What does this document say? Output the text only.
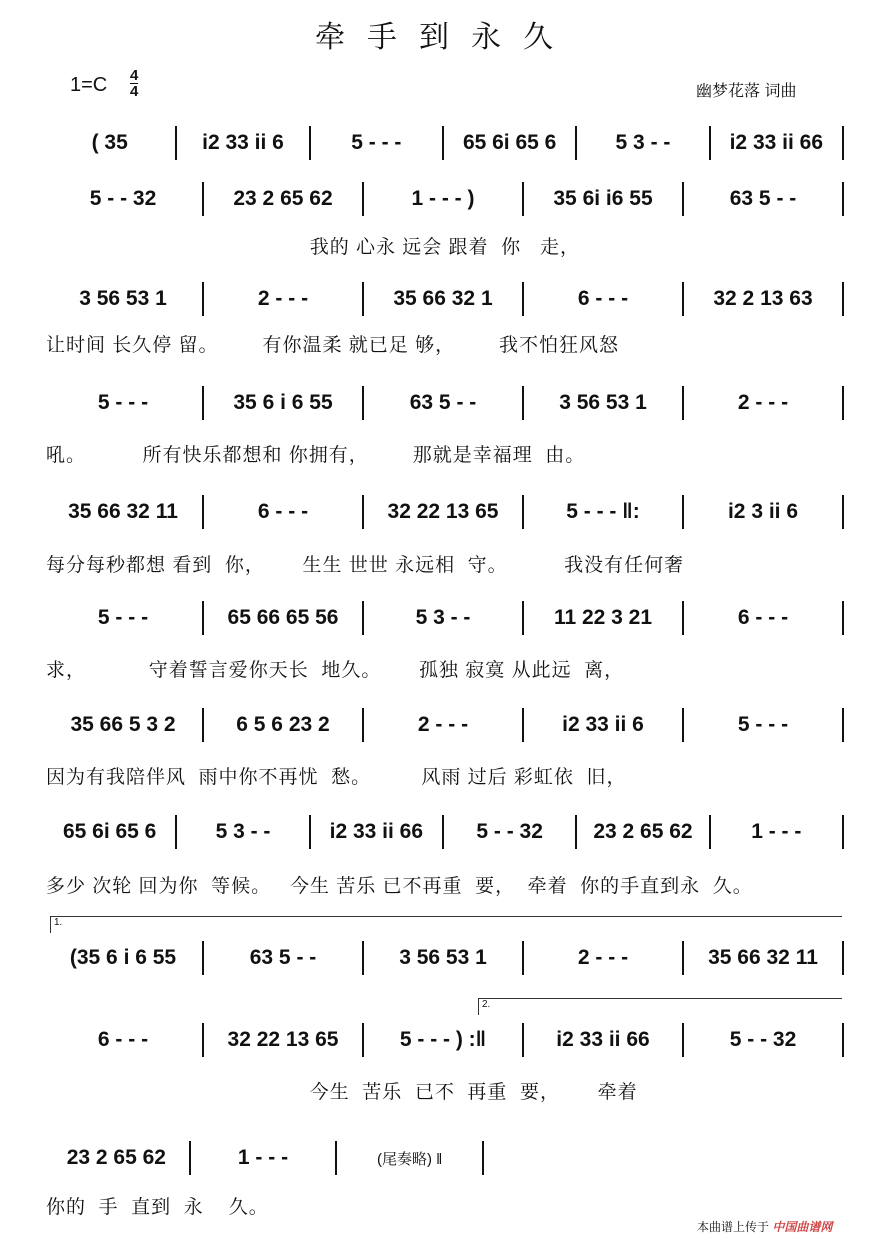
牵手到永久
1=C 4
4	幽梦花落 词曲
( 35	i2 33 ii 6	5 - - -	65 6i 65 6	5 3 - -	i2 33 ii 66
5 - - 32	23 2 65 62	1 - - - )	35 6i i6 55	63 5 - -
我的 心永 远会 跟着  你   走，
3 56 53 1	2 - - -	35 66 32 1	6 - - -	32 2 13 63
让时间 长久停 留。       有你温柔 就已足 够，       我不怕狂风怒
5 - - -	35 6 i 6 55	63 5 - -	3 56 53 1	2 - - -
吼。         所有快乐都想和 你拥有，       那就是幸福理  由。
35 66 32 11	6 - - -	32 22 13 65	5 - - - ‖:	i2 3 ii 6
每分每秒都想 看到  你，      生生 世世 永远相  守。         我没有任何奢
5 - - -	65 66 65 56	5 3 - -	11 22 3 21	6 - - -
求，          守着誓言爱你天长  地久。      孤独 寂寞 从此远  离，
35 66 5 3 2	6 5 6 23 2	2 - - -	i2 33 ii 6	5 - - -
因为有我陪伴风  雨中你不再忧  愁。        风雨 过后 彩虹依  旧，
65 6i 65 6	5 3 - -	i2 33 ii 66	5 - - 32	23 2 65 62	1 - - -
多少 次轮 回为你  等候。   今生 苦乐 已不再重  要，  牵着  你的手直到永  久。
(35 6 i 6 55	63 5 - -	3 56 53 1	2 - - -	35 66 32 11
6 - - -	32 22 13 65	5 - - - ) :‖	i2 33 ii 66	5 - - 32
今生  苦乐  已不  再重  要，      牵着
23 2 65 62	1 - - -	(尾奏略) ‖
你的  手  直到  永    久。
1.
2.
本曲谱上传于 中国曲谱网
